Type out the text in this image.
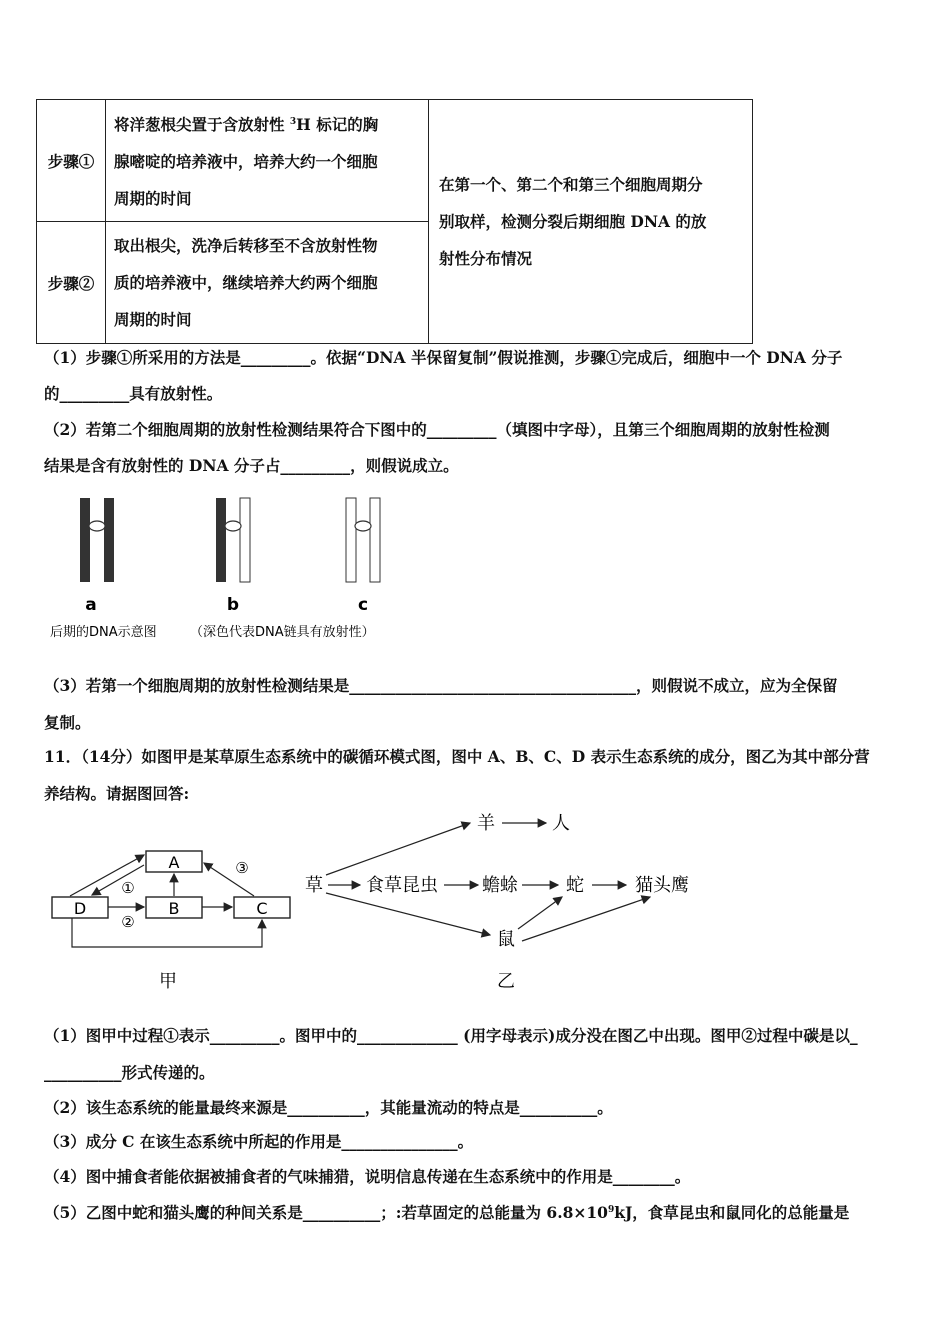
步骤①	将洋葱根尖置于含放射性 $^3$H 标记的胸
腺嘧啶的培养液中，培养大约一个细胞
周期的时间	在第一个、第二个和第三个细胞周期分
别取样，检测分裂后期细胞 DNA 的放
射性分布情况
步骤②	取出根尖，洗净后转移至不含放射性物
质的培养液中，继续培养大约两个细胞
周期的时间	
（1）步骤①所采用的方法是_________。依据“DNA 半保留复制”假说推测，步骤①完成后，细胞中一个 DNA 分子
的_________具有放射性。
（2）若第二个细胞周期的放射性检测结果符合下图中的_________（填图中字母），且第三个细胞周期的放射性检测
结果是含有放射性的 DNA 分子占_________，则假说成立。
a	b	c
后期的DNA示意图	（深色代表DNA链具有放射性）
（3）若第一个细胞周期的放射性检测结果是_____________________________________，则假说不成立，应为全保留
复制。
11．（14分）如图甲是某草原生态系统中的碳循环模式图，图中 A、B、C、D 表示生态系统的成分，图乙为其中部分营
养结构。请据图回答:
A
B	C
D
①
②
③
甲
草
羊	人
食草昆虫 蟾蜍	蛇	猫头鹰
鼠
乙
（1）图甲中过程①表示_________。图甲中的_____________ (用字母表示)成分没在图乙中出现。图甲②过程中碳是以_
__________形式传递的。
（2）该生态系统的能量最终来源是__________，其能量流动的特点是__________。
（3）成分 C 在该生态系统中所起的作用是_______________。
（4）图中捕食者能依据被捕食者的气味捕猎，说明信息传递在生态系统中的作用是________。
（5）乙图中蛇和猫头鹰的种间关系是__________；:若草固定的总能量为 $6.8\times 10^9kJ$，食草昆虫和鼠同化的总能量是
